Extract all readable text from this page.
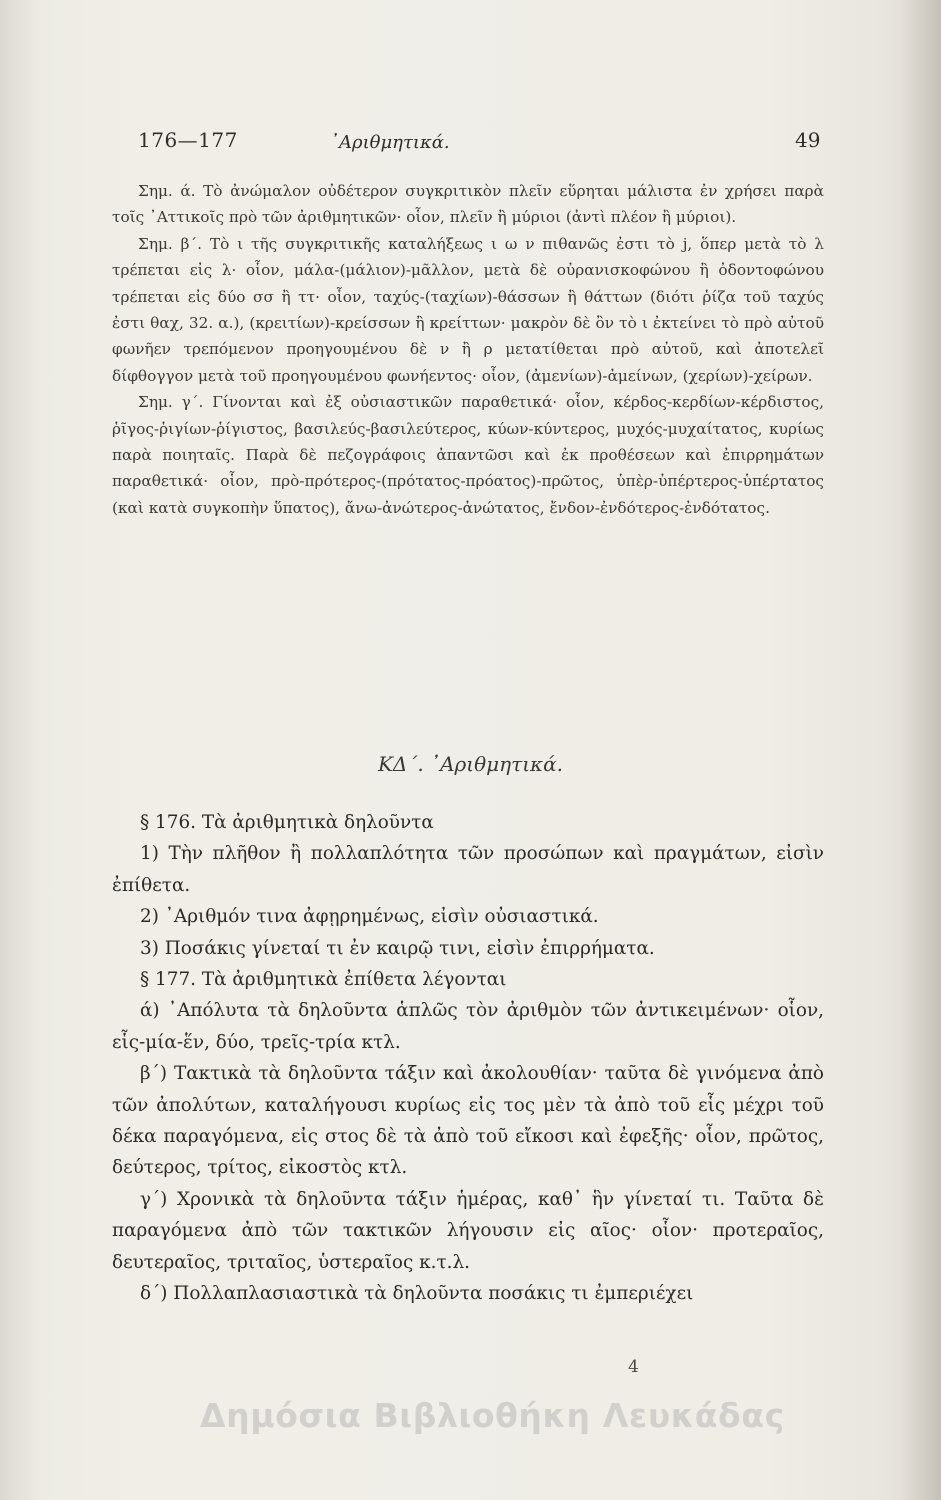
176—177	᾿Αριθμητικά.	49

Σημ. ά. Τὸ ἀνώμαλον οὐδέτερον συγκριτικὸν πλεῖν εὕρηται μάλιστα ἐν χρήσει παρὰ τοῖς ᾿Αττικοῖς πρὸ τῶν ἀριθμητικῶν· οἷον, πλεῖν ἢ μύριοι (ἀντὶ πλέον ἢ μύριοι).

Σημ. β΄. Τὸ ι τῆς συγκριτικῆς καταλήξεως ι ω ν πιθανῶς ἐστι τὸ j, ὅπερ μετὰ τὸ λ τρέπεται εἰς λ· οἷον, μάλα-(μάλιον)-μᾶλλον, μετὰ δὲ οὐρανισκοφώνου ἢ ὀδοντοφώνου τρέπεται εἰς δύο σσ ἢ ττ· οἷον, ταχύς-(ταχίων)-θάσσων ἢ θάττων (διότι ῥίζα τοῦ ταχύς ἐστι θαχ, 32. α.), (κρειτίων)-κρείσσων ἢ κρείττων· μακρὸν δὲ ὂν τὸ ι ἐκτείνει τὸ πρὸ αὐτοῦ φωνῆεν τρεπόμενον προηγουμένου δὲ ν ἢ ρ μετατίθεται πρὸ αὐτοῦ, καὶ ἀποτελεῖ δίφθογγον μετὰ τοῦ προηγουμένου φωνήεντος· οἷον, (ἀμενίων)-ἀμείνων, (χερίων)-χείρων.

Σημ. γ΄. Γίνονται καὶ ἐξ οὐσιαστικῶν παραθετικά· οἷον, κέρδος-κερδίων-κέρδιστος, ῥῖγος-ῥιγίων-ῥίγιστος, βασιλεύς-βασιλεύτερος, κύων-κύντερος, μυχός-μυχαίτατος, κυρίως παρὰ ποιηταῖς. Παρὰ δὲ πεζογράφοις ἀπαντῶσι καὶ ἐκ προθέσεων καὶ ἐπιρρημάτων παραθετικά· οἷον, πρὸ-πρότερος-(πρότατος-πρόατος)-πρῶτος, ὑπὲρ-ὑπέρτερος-ὑπέρτατος (καὶ κατὰ συγκοπὴν ὕπατος), ἄνω-ἀνώτερος-ἀνώτατος, ἔνδον-ἐνδότερος-ἐνδότατος.

ΚΔ΄. ᾿Αριθμητικά.

§ 176. Τὰ ἀριθμητικὰ δηλοῦντα

1) Τὴν πλῆθον ἢ πολλαπλότητα τῶν προσώπων καὶ πραγμάτων, εἰσὶν ἐπίθετα.

2) ᾿Αριθμόν τινα ἀφῃρημένως, εἰσὶν οὐσιαστικά.

3) Ποσάκις γίνεταί τι ἐν καιρῷ τινι, εἰσὶν ἐπιρρήματα.

§ 177. Τὰ ἀριθμητικὰ ἐπίθετα λέγονται

ά) ᾿Απόλυτα τὰ δηλοῦντα ἁπλῶς τὸν ἀριθμὸν τῶν ἀντικειμένων· οἷον, εἷς-μία-ἕν, δύο, τρεῖς-τρία κτλ.

β΄) Τακτικὰ τὰ δηλοῦντα τάξιν καὶ ἀκολουθίαν· ταῦτα δὲ γινόμενα ἀπὸ τῶν ἀπολύτων, καταλήγουσι κυρίως εἰς τος μὲν τὰ ἀπὸ τοῦ εἷς μέχρι τοῦ δέκα παραγόμενα, εἰς στος δὲ τὰ ἀπὸ τοῦ εἴκοσι καὶ ἐφεξῆς· οἷον, πρῶτος, δεύτερος, τρίτος, εἰκοστὸς κτλ.

γ΄) Χρονικὰ τὰ δηλοῦντα τάξιν ἡμέρας, καθ᾿ ἣν γίνεταί τι. Ταῦτα δὲ παραγόμενα ἀπὸ τῶν τακτικῶν λήγουσιν εἰς αῖος· οἷον· προτεραῖος, δευτεραῖος, τριταῖος, ὑστεραῖος κ.τ.λ.

δ΄) Πολλαπλασιαστικὰ τὰ δηλοῦντα ποσάκις τι ἐμπεριέχει

4
Δημόσια Βιβλιοθήκη Λευκάδας
